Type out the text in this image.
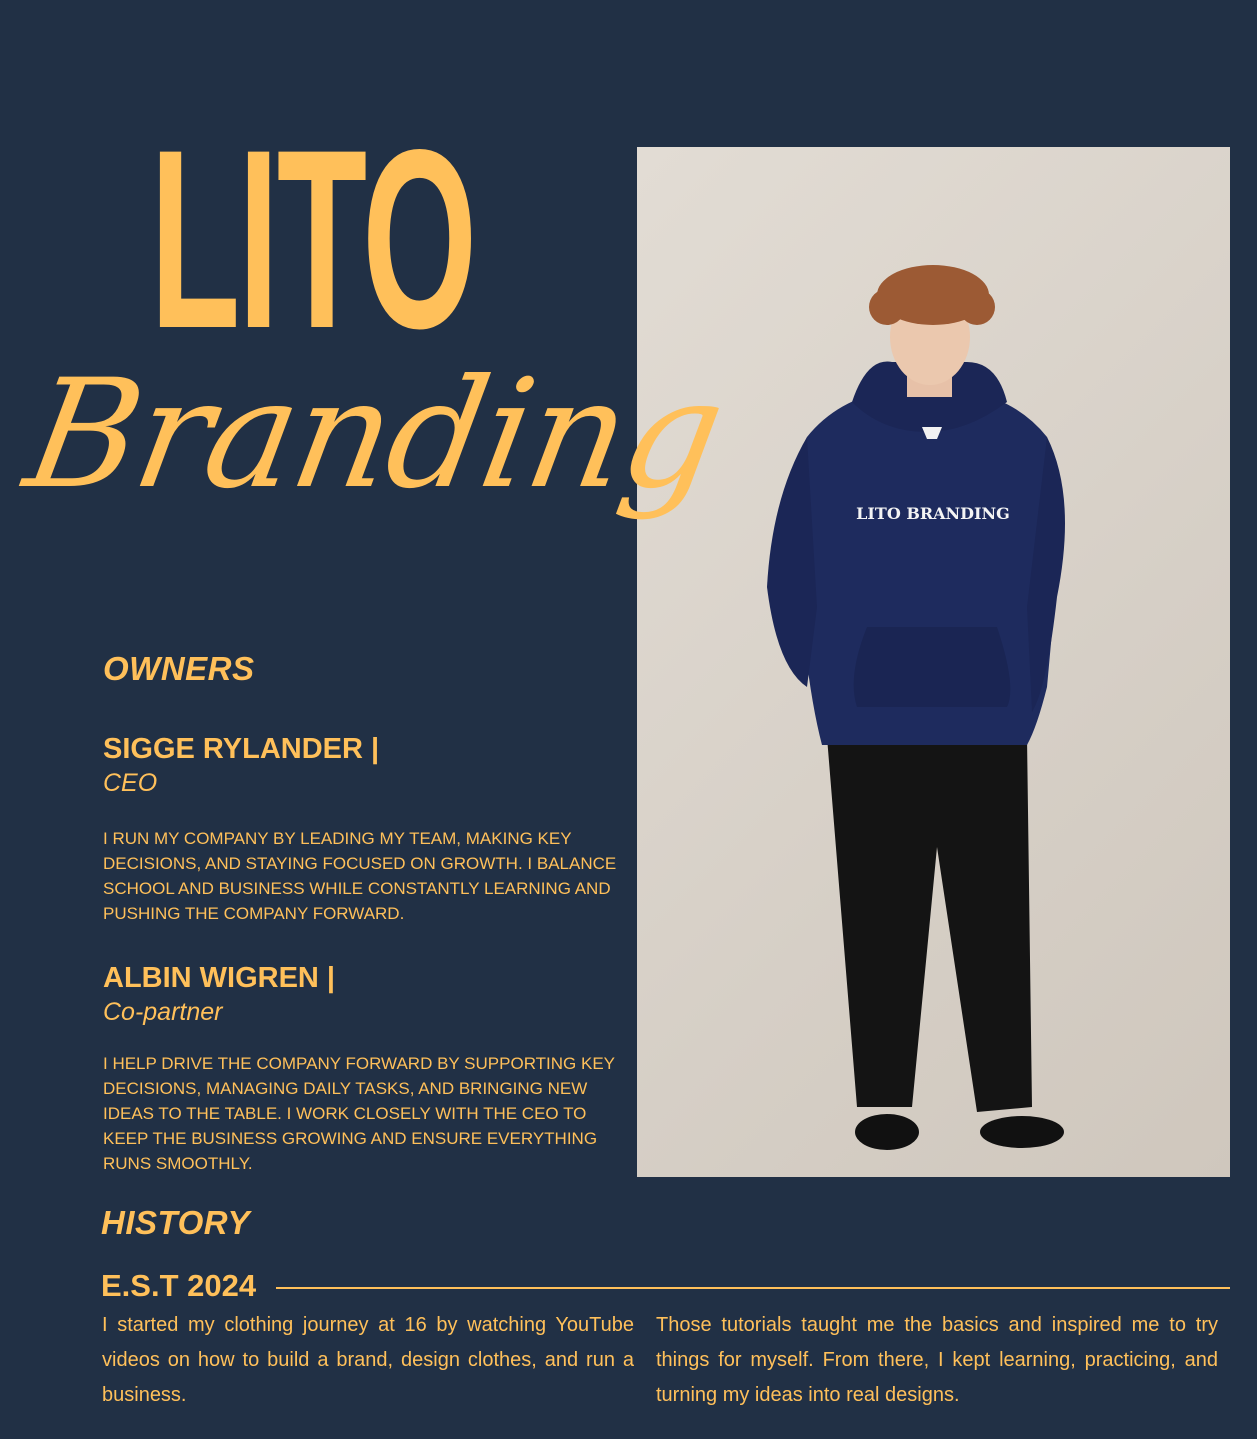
LITO
Branding	LITO BRANDING
OWNERS
SIGGE RYLANDER |
CEO
I RUN MY COMPANY BY LEADING MY TEAM, MAKING KEY DECISIONS, AND STAYING FOCUSED ON GROWTH. I BALANCE SCHOOL AND BUSINESS WHILE CONSTANTLY LEARNING AND PUSHING THE COMPANY FORWARD.
ALBIN WIGREN |
Co-partner
I HELP DRIVE THE COMPANY FORWARD BY SUPPORTING KEY DECISIONS, MANAGING DAILY TASKS, AND BRINGING NEW IDEAS TO THE TABLE. I WORK CLOSELY WITH THE CEO TO KEEP THE BUSINESS GROWING AND ENSURE EVERYTHING RUNS SMOOTHLY.
HISTORY
E.S.T 2024
I started my clothing journey at 16 by watching YouTube videos on how to build a brand, design clothes, and run a business.
Those tutorials taught me the basics and inspired me to try things for myself. From there, I kept learning, practicing, and turning my ideas into real designs.
